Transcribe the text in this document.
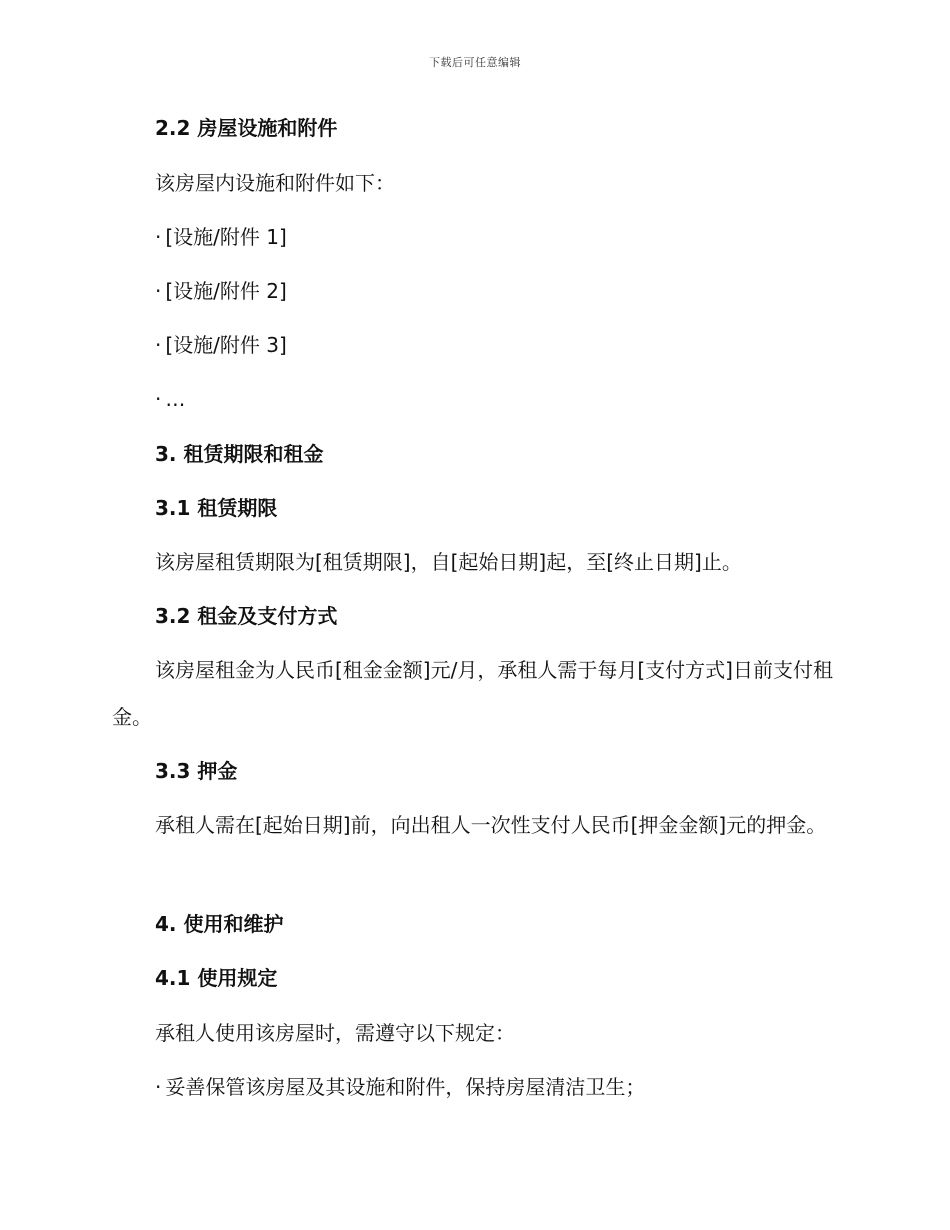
下载后可任意编辑
2.2 房屋设施和附件
该房屋内设施和附件如下：
· [设施/附件 1]
· [设施/附件 2]
· [设施/附件 3]
· …
3. 租赁期限和租金
3.1 租赁期限
该房屋租赁期限为[租赁期限]，自[起始日期]起，至[终止日期]止。
3.2 租金及支付方式
该房屋租金为人民币[租金金额]元/月，承租人需于每月[支付方式]日前支付租金。
3.3 押金
承租人需在[起始日期]前，向出租人一次性支付人民币[押金金额]元的押金。
4. 使用和维护
4.1 使用规定
承租人使用该房屋时，需遵守以下规定：
· 妥善保管该房屋及其设施和附件，保持房屋清洁卫生；
